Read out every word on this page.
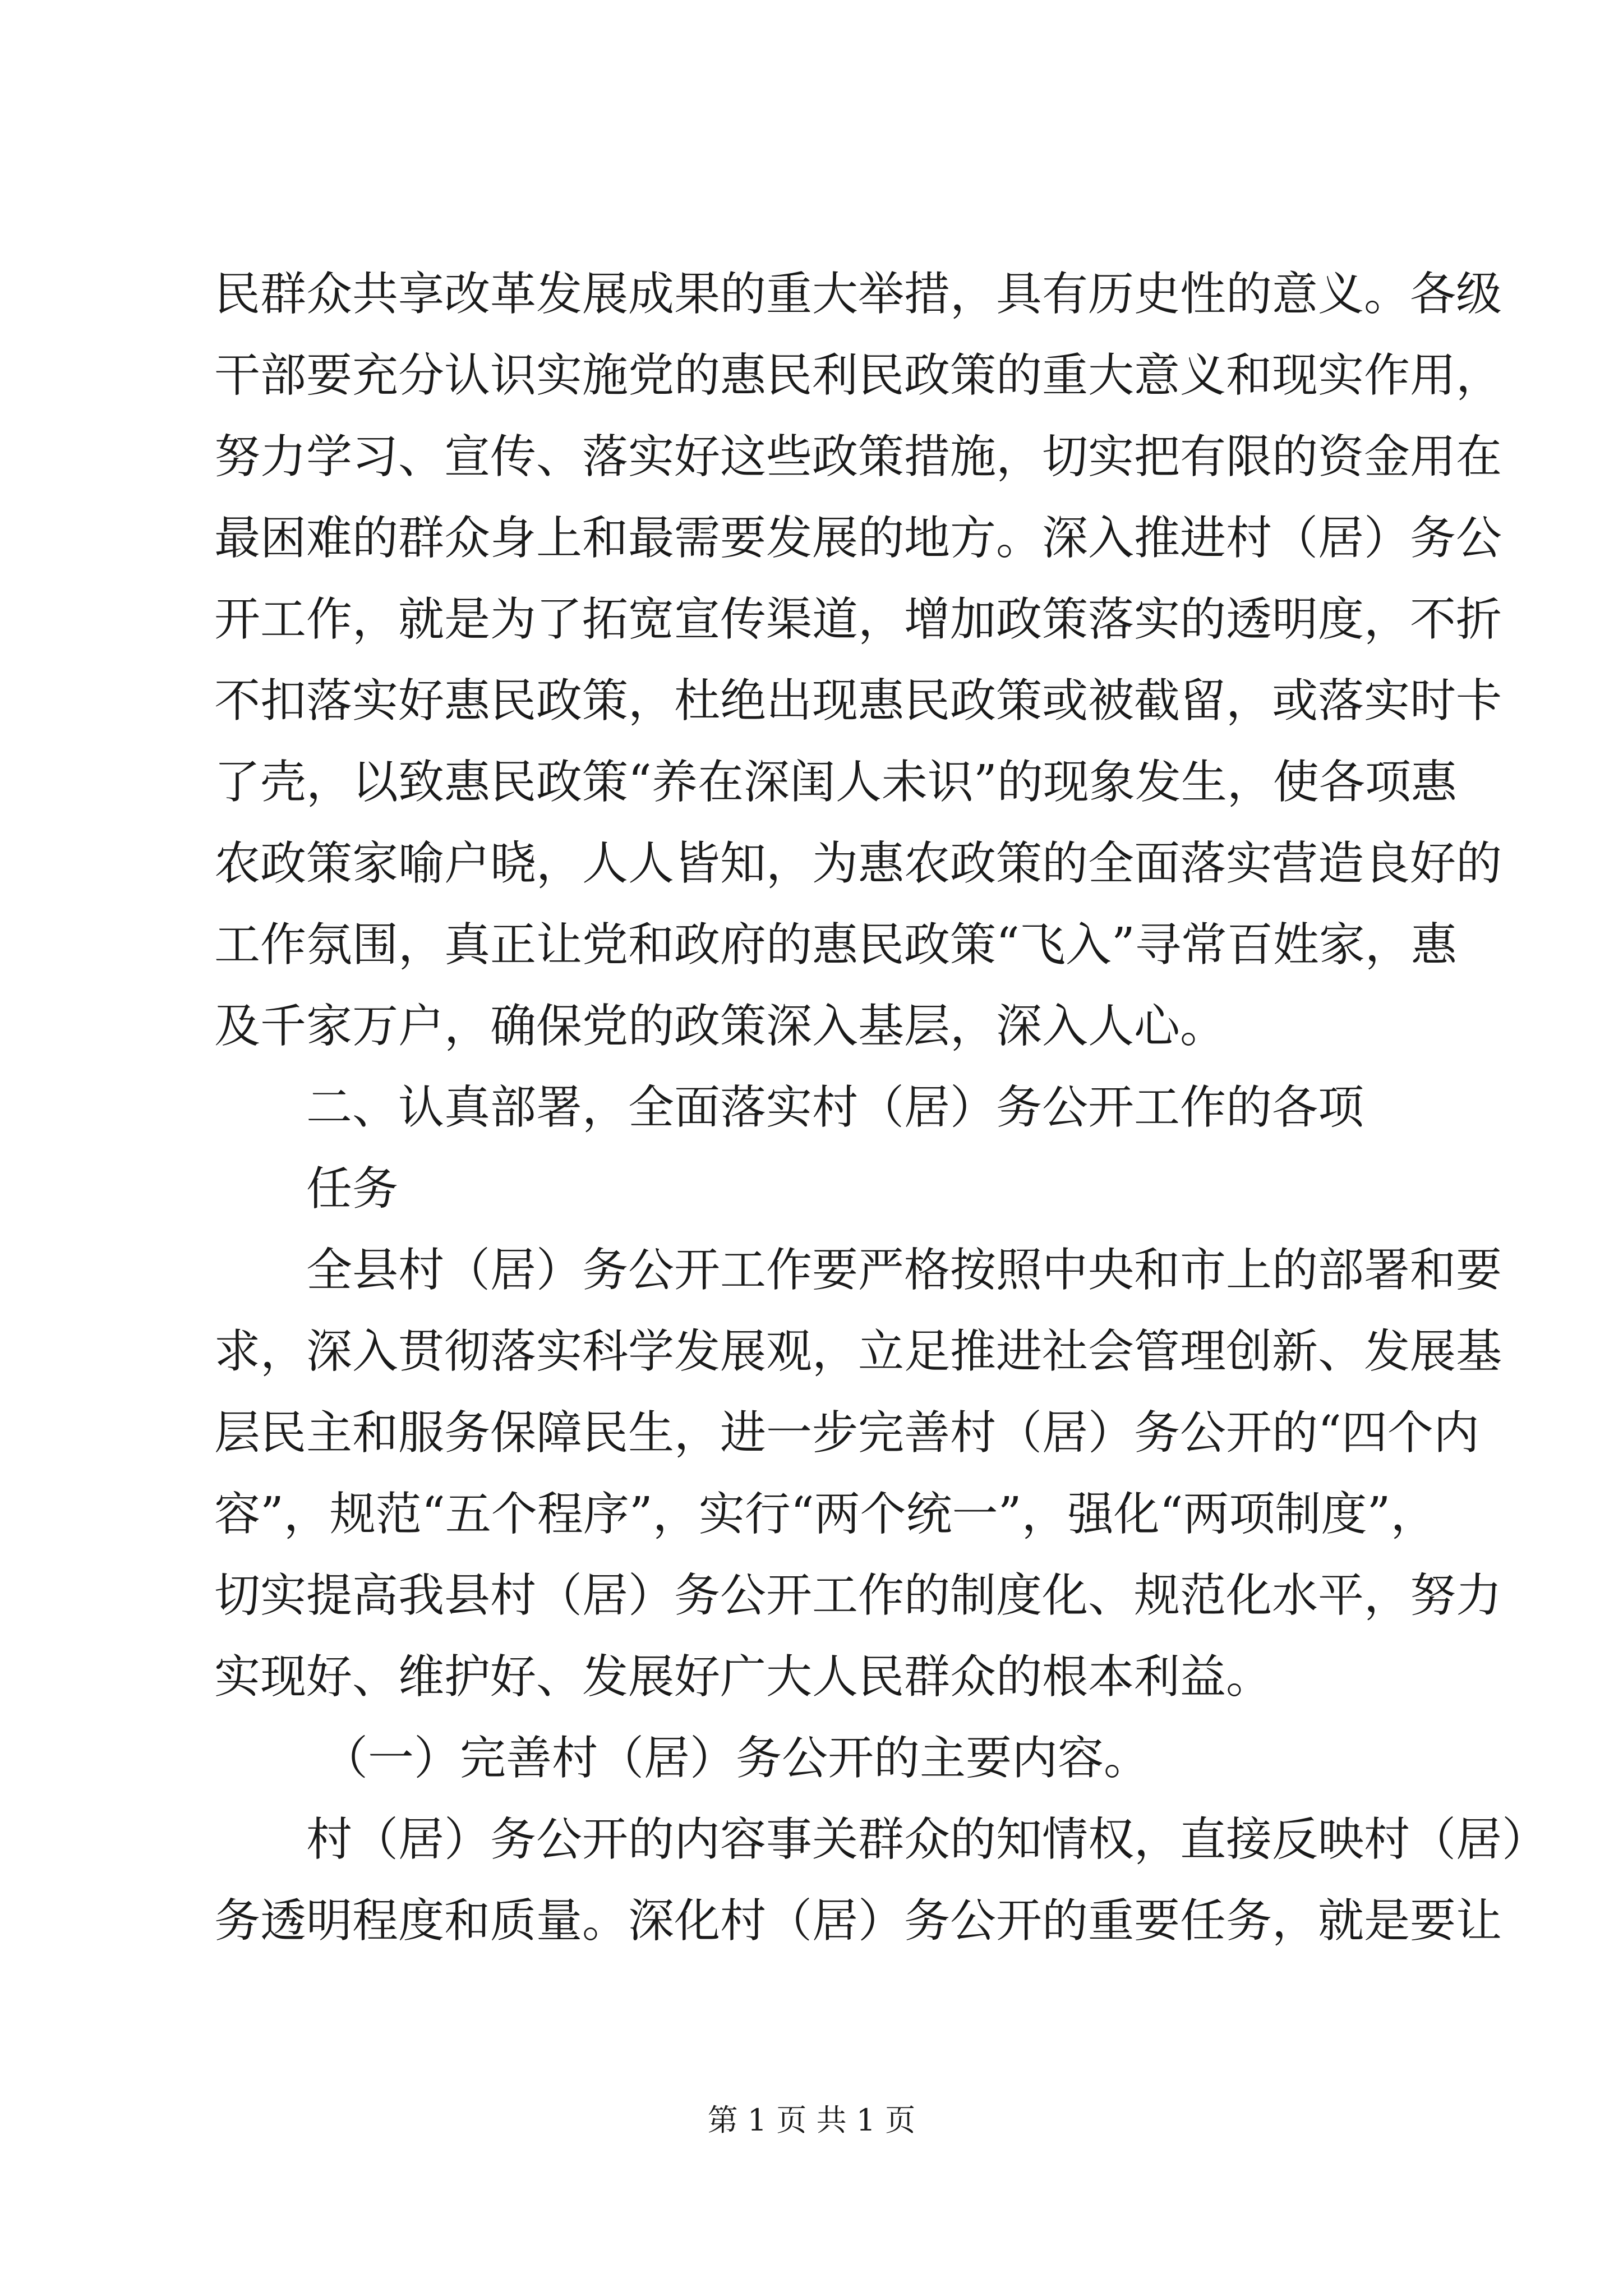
民群众共享改革发展成果的重大举措，具有历史性的意义。各级

干部要充分认识实施党的惠民利民政策的重大意义和现实作用，

努力学习、宣传、落实好这些政策措施，切实把有限的资金用在

最困难的群众身上和最需要发展的地方。深入推进村（居）务公

开工作，就是为了拓宽宣传渠道，增加政策落实的透明度，不折

不扣落实好惠民政策，杜绝出现惠民政策或被截留，或落实时卡

了壳，以致惠民政策“养在深闺人未识”的现象发生，使各项惠

农政策家喻户晓，人人皆知，为惠农政策的全面落实营造良好的

工作氛围，真正让党和政府的惠民政策“飞入”寻常百姓家，惠

及千家万户，确保党的政策深入基层，深入人心。

二、认真部署，全面落实村（居）务公开工作的各项

任务

全县村（居）务公开工作要严格按照中央和市上的部署和要

求，深入贯彻落实科学发展观，立足推进社会管理创新、发展基

层民主和服务保障民生，进一步完善村（居）务公开的“四个内

容”，规范“五个程序”，实行“两个统一”，强化“两项制度”，

切实提高我县村（居）务公开工作的制度化、规范化水平，努力

实现好、维护好、发展好广大人民群众的根本利益。

（一）完善村（居）务公开的主要内容。

村（居）务公开的内容事关群众的知情权，直接反映村（居）

务透明程度和质量。深化村（居）务公开的重要任务，就是要让

第 1 页 共 1 页
